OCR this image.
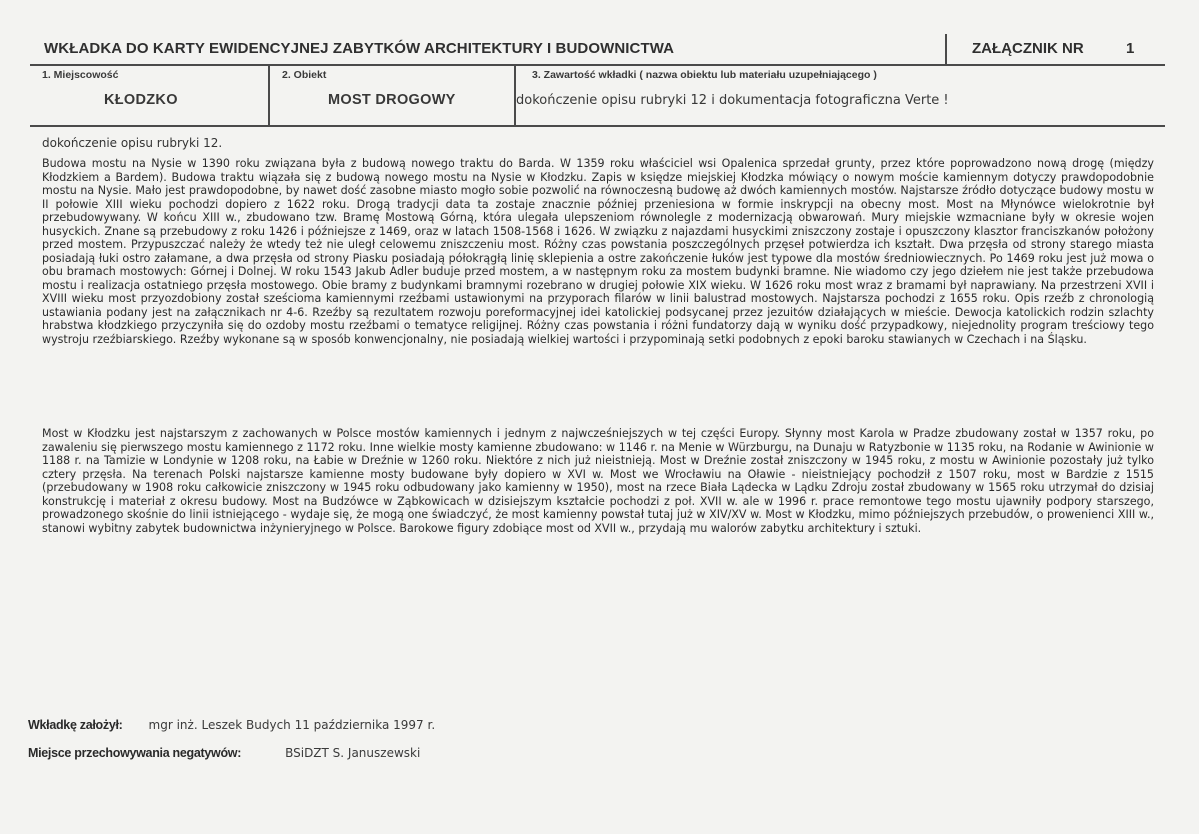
WKŁADKA DO KARTY EWIDENCYJNEJ ZABYTKÓW ARCHITEKTURY I BUDOWNICTWA	ZAŁĄCZNIK NR	1
1. Miejscowość
KŁODZKO
2. Obiekt
MOST DROGOWY
3. Zawartość wkładki ( nazwa obiektu lub materiału uzupełniającego )
dokończenie opisu rubryki 12 i dokumentacja fotograficzna Verte !
dokończenie opisu rubryki 12.
Budowa mostu na Nysie w 1390 roku związana była z budową nowego traktu do Barda. W 1359 roku właściciel wsi Opalenica sprzedał grunty, przez które poprowadzono nową drogę (między Kłodzkiem a Bardem). Budowa traktu wiązała się z budową nowego mostu na Nysie w Kłodzku. Zapis w księdze miejskiej Kłodzka mówiący o nowym moście kamiennym dotyczy prawdopodobnie mostu na Nysie. Mało jest prawdopodobne, by nawet dość zasobne miasto mogło sobie pozwolić na równoczesną budowę aż dwóch kamiennych mostów. Najstarsze źródło dotyczące budowy mostu w II połowie XIII wieku pochodzi dopiero z 1622 roku. Drogą tradycji data ta zostaje znacznie później przeniesiona w formie inskrypcji na obecny most. Most na Młynówce wielokrotnie był przebudowywany. W końcu XIII w., zbudowano tzw. Bramę Mostową Górną, która ulegała ulepszeniom równolegle z modernizacją obwarowań. Mury miejskie wzmacniane były w okresie wojen husyckich. Znane są przebudowy z roku 1426 i późniejsze z 1469, oraz w latach 1508-1568 i 1626. W związku z najazdami husyckimi zniszczony zostaje i opuszczony klasztor franciszkanów położony przed mostem. Przypuszczać należy że wtedy też nie uległ celowemu zniszczeniu most. Różny czas powstania poszczególnych przęseł potwierdza ich kształt. Dwa przęsła od strony starego miasta posiadają łuki ostro załamane, a dwa przęsła od strony Piasku posiadają półokrągłą linię sklepienia a ostre zakończenie łuków jest typowe dla mostów średniowiecznych. Po 1469 roku jest już mowa o obu bramach mostowych: Górnej i Dolnej. W roku 1543 Jakub Adler buduje przed mostem, a w następnym roku za mostem budynki bramne. Nie wiadomo czy jego dziełem nie jest także przebudowa mostu i realizacja ostatniego przęsła mostowego. Obie bramy z budynkami bramnymi rozebrano w drugiej połowie XIX wieku. W 1626 roku most wraz z bramami był naprawiany. Na przestrzeni XVII i XVIII wieku most przyozdobiony został sześcioma kamiennymi rzeźbami ustawionymi na przyporach filarów w linii balustrad mostowych. Najstarsza pochodzi z 1655 roku. Opis rzeźb z chronologią ustawiania podany jest na załącznikach nr 4-6. Rzeźby są rezultatem rozwoju poreformacyjnej idei katolickiej podsycanej przez jezuitów działających w mieście. Dewocja katolickich rodzin szlachty hrabstwa kłodzkiego przyczyniła się do ozdoby mostu rzeźbami o tematyce religijnej. Różny czas powstania i różni fundatorzy dają w wyniku dość przypadkowy, niejednolity program treściowy tego wystroju rzeźbiarskiego. Rzeźby wykonane są w sposób konwencjonalny, nie posiadają wielkiej wartości i przypominają setki podobnych z epoki baroku stawianych w Czechach i na Śląsku.
Most w Kłodzku jest najstarszym z zachowanych w Polsce mostów kamiennych i jednym z najwcześniejszych w tej części Europy. Słynny most Karola w Pradze zbudowany został w 1357 roku, po zawaleniu się pierwszego mostu kamiennego z 1172 roku. Inne wielkie mosty kamienne zbudowano: w 1146 r. na Menie w Würzburgu, na Dunaju w Ratyzbonie w 1135 roku, na Rodanie w Awinionie w 1188 r. na Tamizie w Londynie w 1208 roku, na Łabie w Dreźnie w 1260 roku. Niektóre z nich już nieistnieją. Most w Dreźnie został zniszczony w 1945 roku, z mostu w Awinionie pozostały już tylko cztery przęsła. Na terenach Polski najstarsze kamienne mosty budowane były dopiero w XVI w. Most we Wrocławiu na Oławie - nieistniejący pochodził z 1507 roku, most w Bardzie z 1515 (przebudowany w 1908 roku całkowicie zniszczony w 1945 roku odbudowany jako kamienny w 1950), most na rzece Biała Lądecka w Lądku Zdroju został zbudowany w 1565 roku utrzymał do dzisiaj konstrukcję i materiał z okresu budowy. Most na Budzówce w Ząbkowicach w dzisiejszym kształcie pochodzi z poł. XVII w. ale w 1996 r. prace remontowe tego mostu ujawniły podpory starszego, prowadzonego skośnie do linii istniejącego - wydaje się, że mogą one świadczyć, że most kamienny powstał tutaj już w XIV/XV w. Most w Kłodzku, mimo późniejszych przebudów, o prowenienci XIII w., stanowi wybitny zabytek budownictwa inżynieryjnego w Polsce. Barokowe figury zdobiące most od XVII w., przydają mu walorów zabytku architektury i sztuki.
Wkładkę założył: mgr inż. Leszek Budych 11 października 1997 r.
Miejsce przechowywania negatywów:	BSiDZT S. Januszewski
